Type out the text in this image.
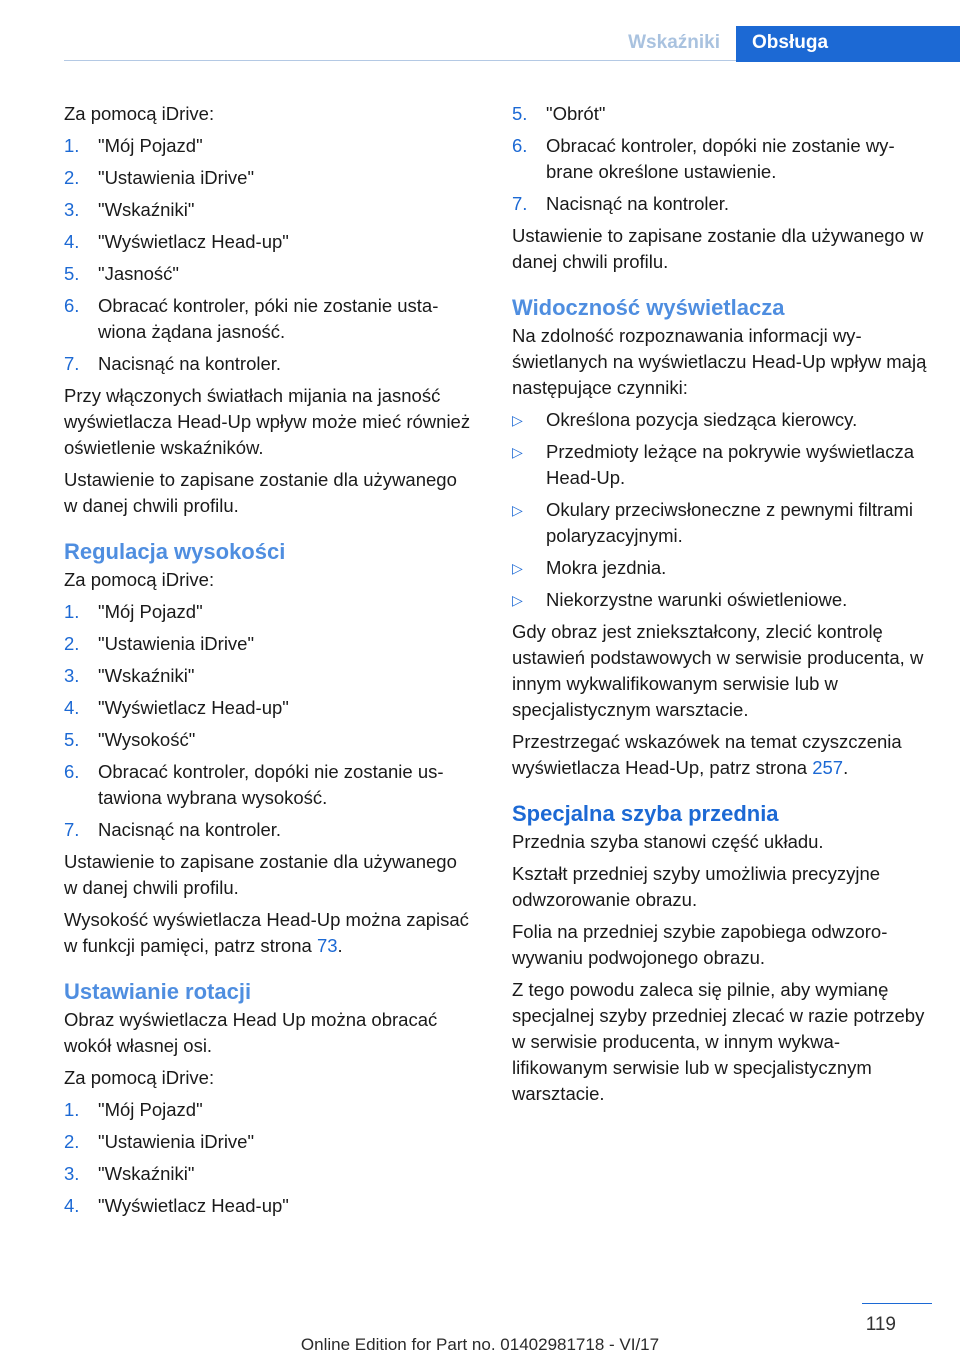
Wskaźniki	Obsługa

Za pomocą iDrive:

1.	"Mój Pojazd"
2.	"Ustawienia iDrive"
3.	"Wskaźniki"
4.	"Wyświetlacz Head-up"
5.	"Jasność"
6.	Obracać kontroler, póki nie zostanie ustawiona żądana jasność.
7.	Nacisnąć na kontroler.

Przy włączonych światłach mijania na jasność wyświetlacza Head-Up wpływ może mieć również oświetlenie wskaźników.

Ustawienie to zapisane zostanie dla używanego w danej chwili profilu.

Regulacja wysokości

Za pomocą iDrive:

1.	"Mój Pojazd"
2.	"Ustawienia iDrive"
3.	"Wskaźniki"
4.	"Wyświetlacz Head-up"
5.	"Wysokość"
6.	Obracać kontroler, dopóki nie zostanie ustawiona wybrana wysokość.
7.	Nacisnąć na kontroler.

Ustawienie to zapisane zostanie dla używanego w danej chwili profilu.

Wysokość wyświetlacza Head-Up można zapisać w funkcji pamięci, patrz strona 73.

Ustawianie rotacji

Obraz wyświetlacza Head Up można obracać wokół własnej osi.

Za pomocą iDrive:

1.	"Mój Pojazd"
2.	"Ustawienia iDrive"
3.	"Wskaźniki"
4.	"Wyświetlacz Head-up"
5.	"Obrót"
6.	Obracać kontroler, dopóki nie zostanie wybrane określone ustawienie.
7.	Nacisnąć na kontroler.

Ustawienie to zapisane zostanie dla używanego w danej chwili profilu.

Widoczność wyświetlacza

Na zdolność rozpoznawania informacji wyświetlanych na wyświetlaczu Head-Up wpływ mają następujące czynniki:

▷	Określona pozycja siedząca kierowcy.
▷	Przedmioty leżące na pokrywie wyświetlacza Head-Up.
▷	Okulary przeciwsłoneczne z pewnymi filtrami polaryzacyjnymi.
▷	Mokra jezdnia.
▷	Niekorzystne warunki oświetleniowe.

Gdy obraz jest zniekształcony, zlecić kontrolę ustawień podstawowych w serwisie producenta, w innym wykwalifikowanym serwisie lub w specjalistycznym warsztacie.

Przestrzegać wskazówek na temat czyszczenia wyświetlacza Head-Up, patrz strona 257.

Specjalna szyba przednia

Przednia szyba stanowi część układu.

Kształt przedniej szyby umożliwia precyzyjne odwzorowanie obrazu.

Folia na przedniej szybie zapobiega odwzorowywaniu podwojonego obrazu.

Z tego powodu zaleca się pilnie, aby wymianę specjalnej szyby przedniej zlecać w razie potrzeby w serwisie producenta, w innym wykwalifikowanym serwisie lub w specjalistycznym warsztacie.

119
Online Edition for Part no. 01402981718 - VI/17
